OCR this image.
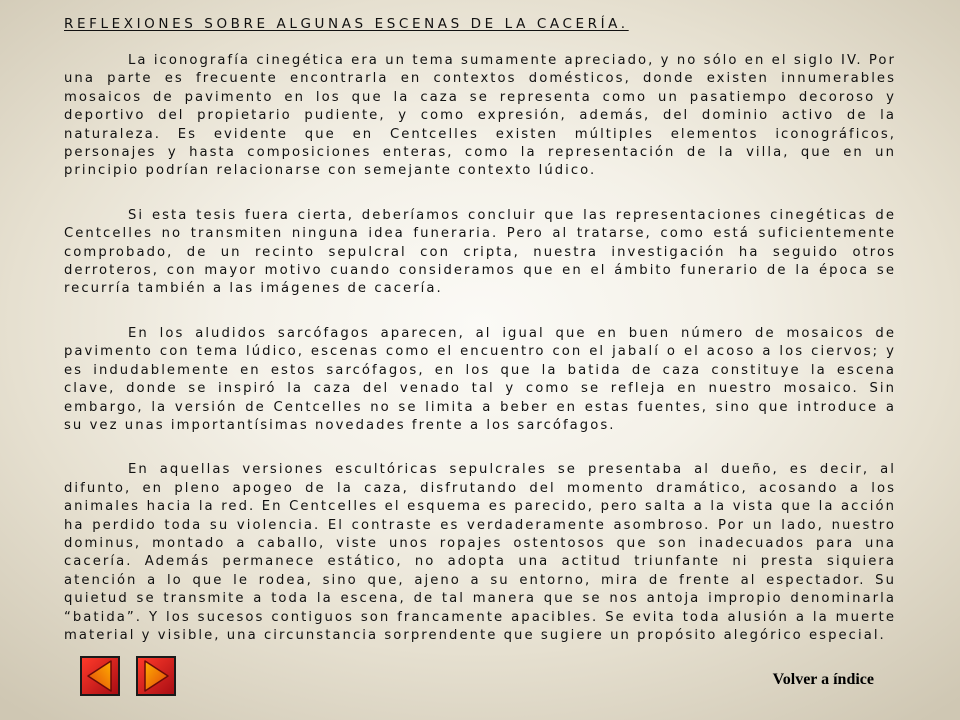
REFLEXIONES SOBRE ALGUNAS ESCENAS DE LA CACERÍA.

La iconografía cinegética era un tema sumamente apreciado, y no sólo en el siglo IV. Por una parte es frecuente encontrarla en contextos domésticos, donde existen innumerables mosaicos de pavimento en los que la caza se representa como un pasatiempo decoroso y deportivo del propietario pudiente, y como expresión, además, del dominio activo de la naturaleza. Es evidente que en Centcelles existen múltiples elementos iconográficos, personajes y hasta composiciones enteras, como la representación de la villa, que en un principio podrían relacionarse con semejante contexto lúdico.

Si esta tesis fuera cierta, deberíamos concluir que las representaciones cinegéticas de Centcelles no transmiten ninguna idea funeraria. Pero al tratarse, como está suficientemente comprobado, de un recinto sepulcral con cripta, nuestra investigación ha seguido otros derroteros, con mayor motivo cuando consideramos que en el ámbito funerario de la época se recurría también a las imágenes de cacería.

En los aludidos sarcófagos aparecen, al igual que en buen número de mosaicos de pavimento con tema lúdico, escenas como el encuentro con el jabalí o el acoso a los ciervos; y es indudablemente en estos sarcófagos, en los que la batida de caza constituye la escena clave, donde se inspiró la caza del venado tal y como se refleja en nuestro mosaico. Sin embargo, la versión de Centcelles no se limita a beber en estas fuentes, sino que introduce a su vez unas importantísimas novedades frente a los sarcófagos.

En aquellas versiones escultóricas sepulcrales se presentaba al dueño, es decir, al difunto, en pleno apogeo de la caza, disfrutando del momento dramático, acosando a los animales hacia la red. En Centcelles el esquema es parecido, pero salta a la vista que la acción ha perdido toda su violencia. El contraste es verdaderamente asombroso. Por un lado, nuestro dominus, montado a caballo, viste unos ropajes ostentosos que son inadecuados para una cacería. Además permanece estático, no adopta una actitud triunfante ni presta siquiera atención a lo que le rodea, sino que, ajeno a su entorno, mira de frente al espectador. Su quietud se transmite a toda la escena, de tal manera que se nos antoja impropio denominarla “batida”. Y los sucesos contiguos son francamente apacibles. Se evita toda alusión a la muerte material y visible, una circunstancia sorprendente que sugiere un propósito alegórico especial.

Volver a índice
